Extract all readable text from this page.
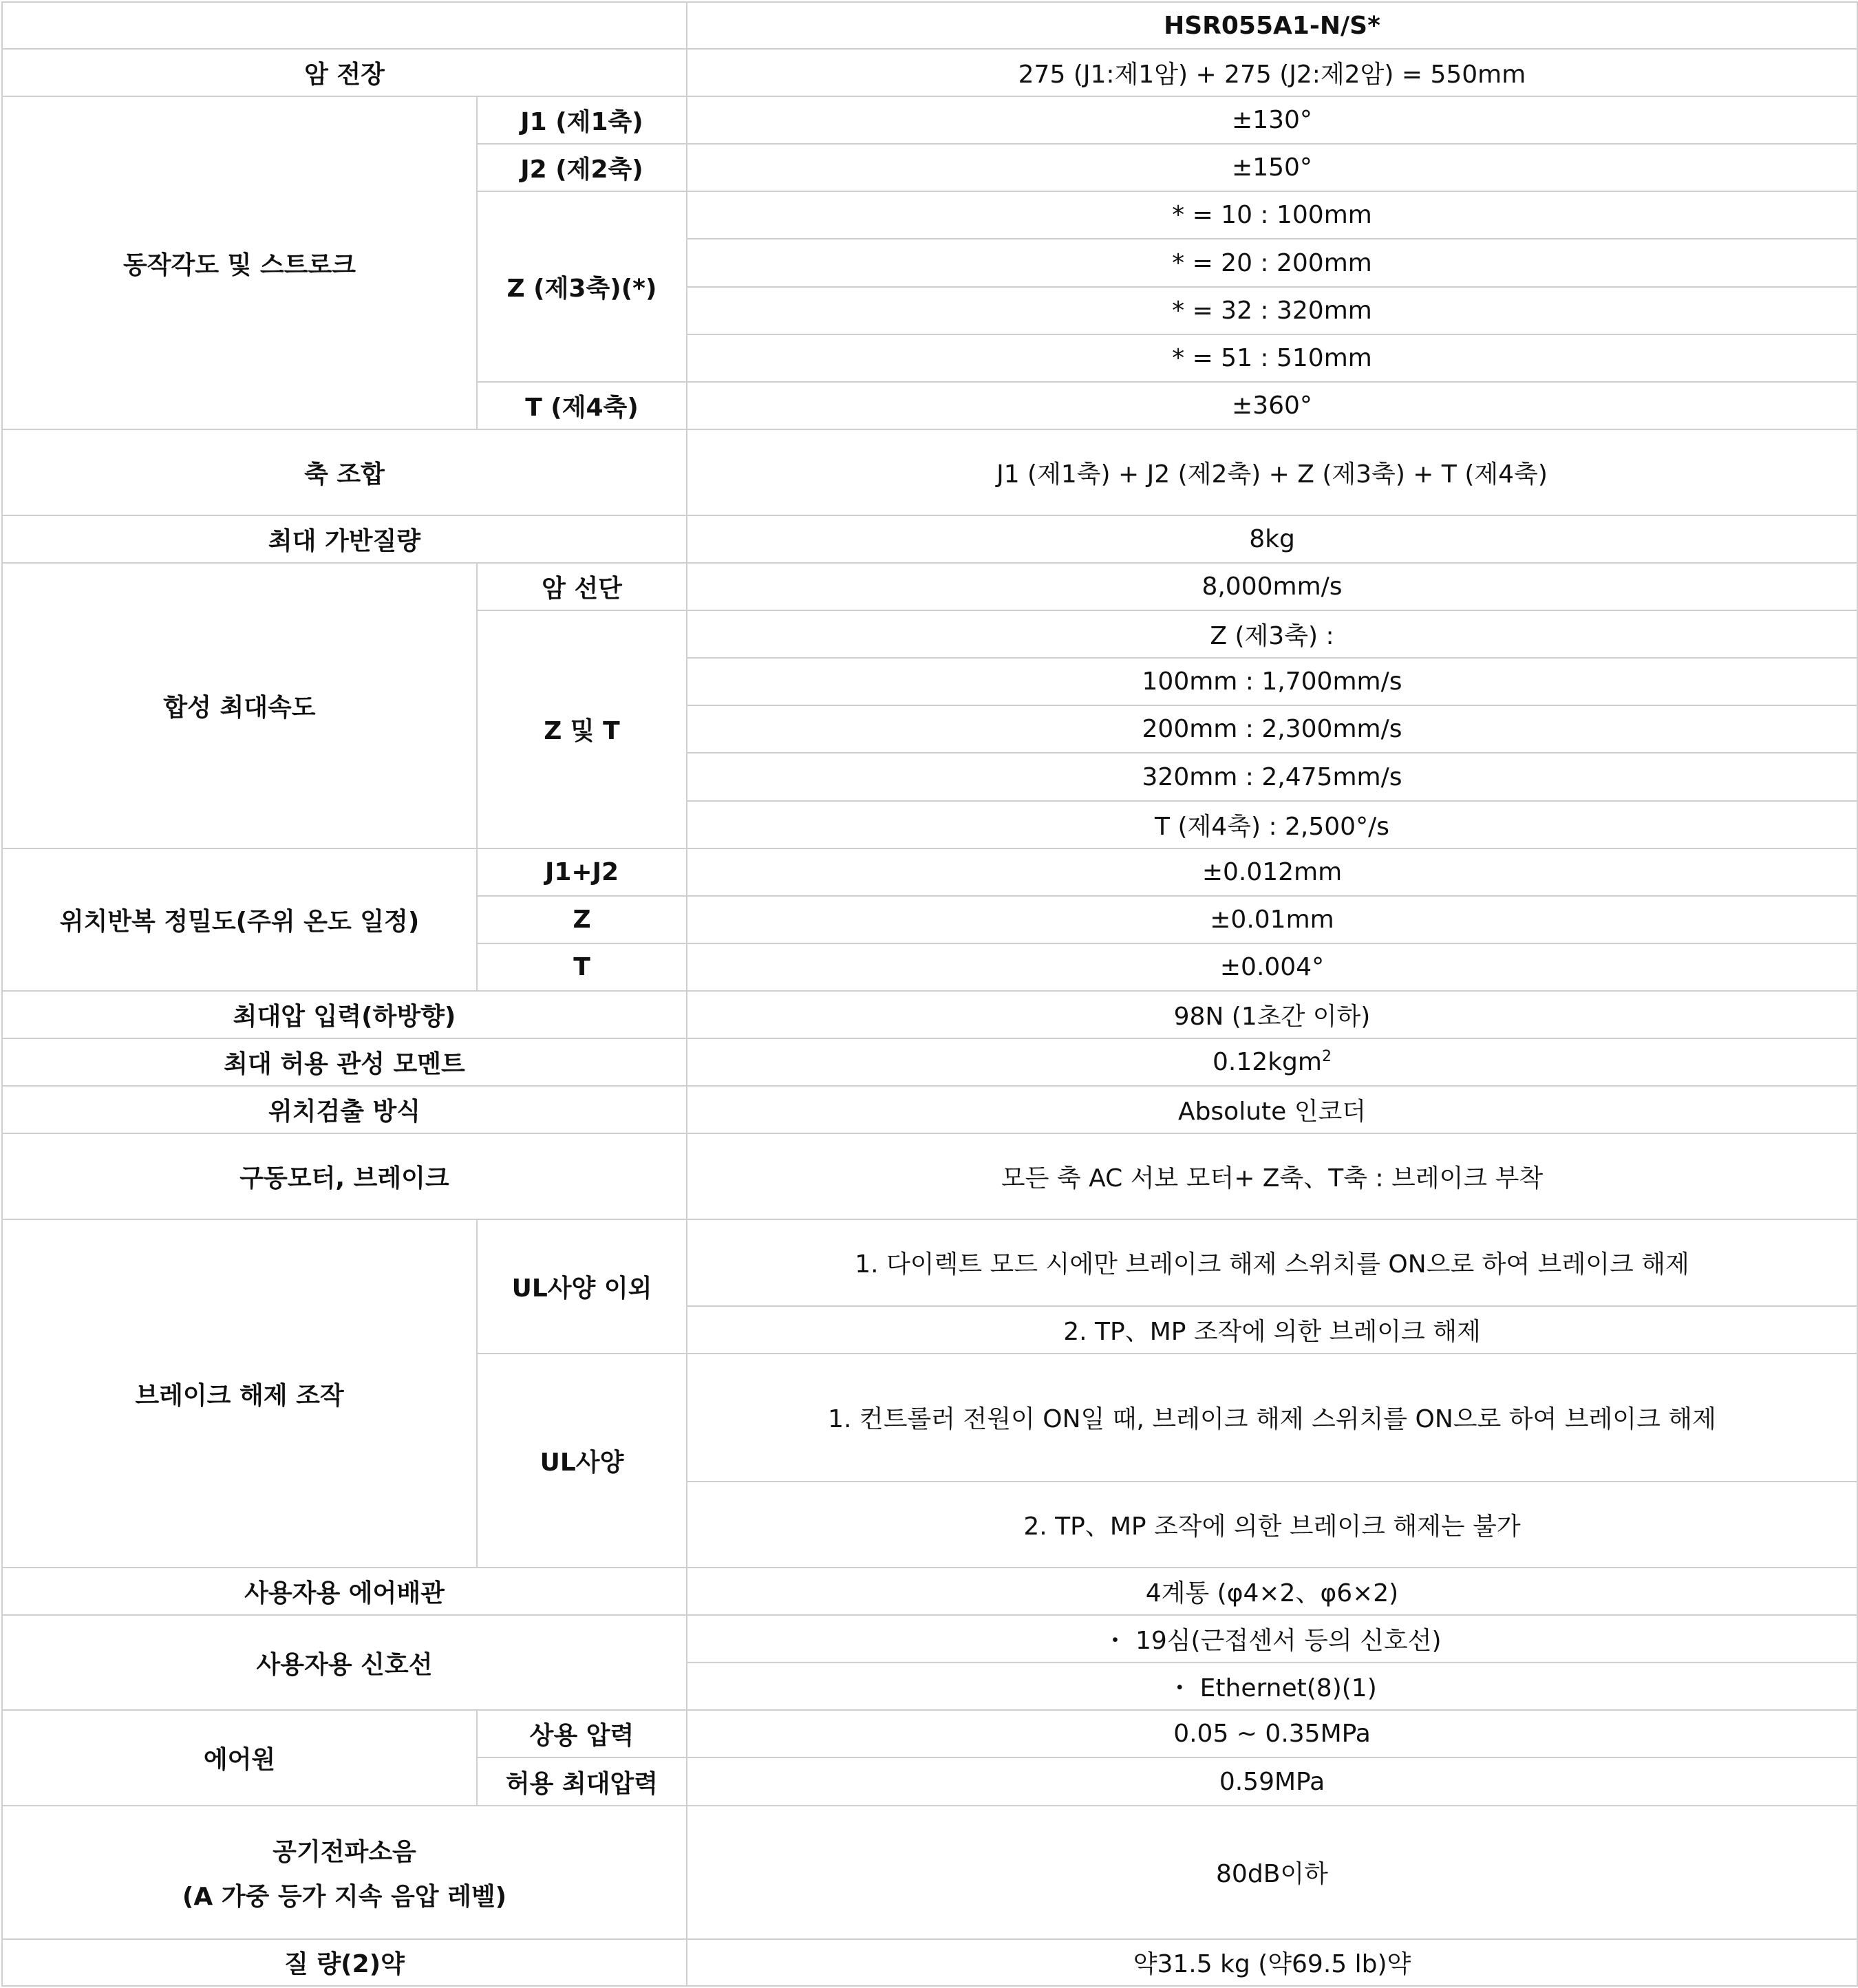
		HSR055A1-N/S*
암 전장		275 (J1:제1암) + 275 (J2:제2암) = 550mm
동작각도 및 스트로크	J1 (제1축)	±130°
	J2 (제2축)	±150°
	Z (제3축)(*)	* = 10 : 100mm
		* = 20 : 200mm
		* = 32 : 320mm
		* = 51 : 510mm
	T (제4축)	±360°
축 조합		J1 (제1축) + J2 (제2축) + Z (제3축) + T (제4축)
최대 가반질량		8kg
합성 최대속도	암 선단	8,000mm/s
	Z 및 T	Z (제3축) :
		100mm : 1,700mm/s
		200mm : 2,300mm/s
		320mm : 2,475mm/s
		T (제4축) : 2,500°/s
위치반복 정밀도(주위 온도 일정)	J1+J2	±0.012mm
	Z	±0.01mm
	T	±0.004°
최대압 입력(하방향)		98N (1초간 이하)
최대 허용 관성 모멘트		0.12kgm$^2$
위치검출 방식		Absolute 인코더
구동모터, 브레이크		모든 축 AC 서보 모터+ Z축、T축 : 브레이크 부착
브레이크 해제 조작	UL사양 이외	1. 다이렉트 모드 시에만 브레이크 해제 스위치를 ON으로 하여 브레이크 해제
		2. TP、MP 조작에 의한 브레이크 해제
	UL사양	1. 컨트롤러 전원이 ON일 때, 브레이크 해제 스위치를 ON으로 하여 브레이크 해제
		2. TP、MP 조작에 의한 브레이크 해제는 불가
사용자용 에어배관		4계통 (φ4×2、φ6×2)
사용자용 신호선		・ 19심(근접센서 등의 신호선)
		・ Ethernet(8)(1)
에어원	상용 압력	0.05 ~ 0.35MPa
	허용 최대압력	0.59MPa

공기전파소음
(A 가중 등가 지속 음압 레벨)		80dB이하
질 량(2)약		약31.5 kg (약69.5 lb)약
